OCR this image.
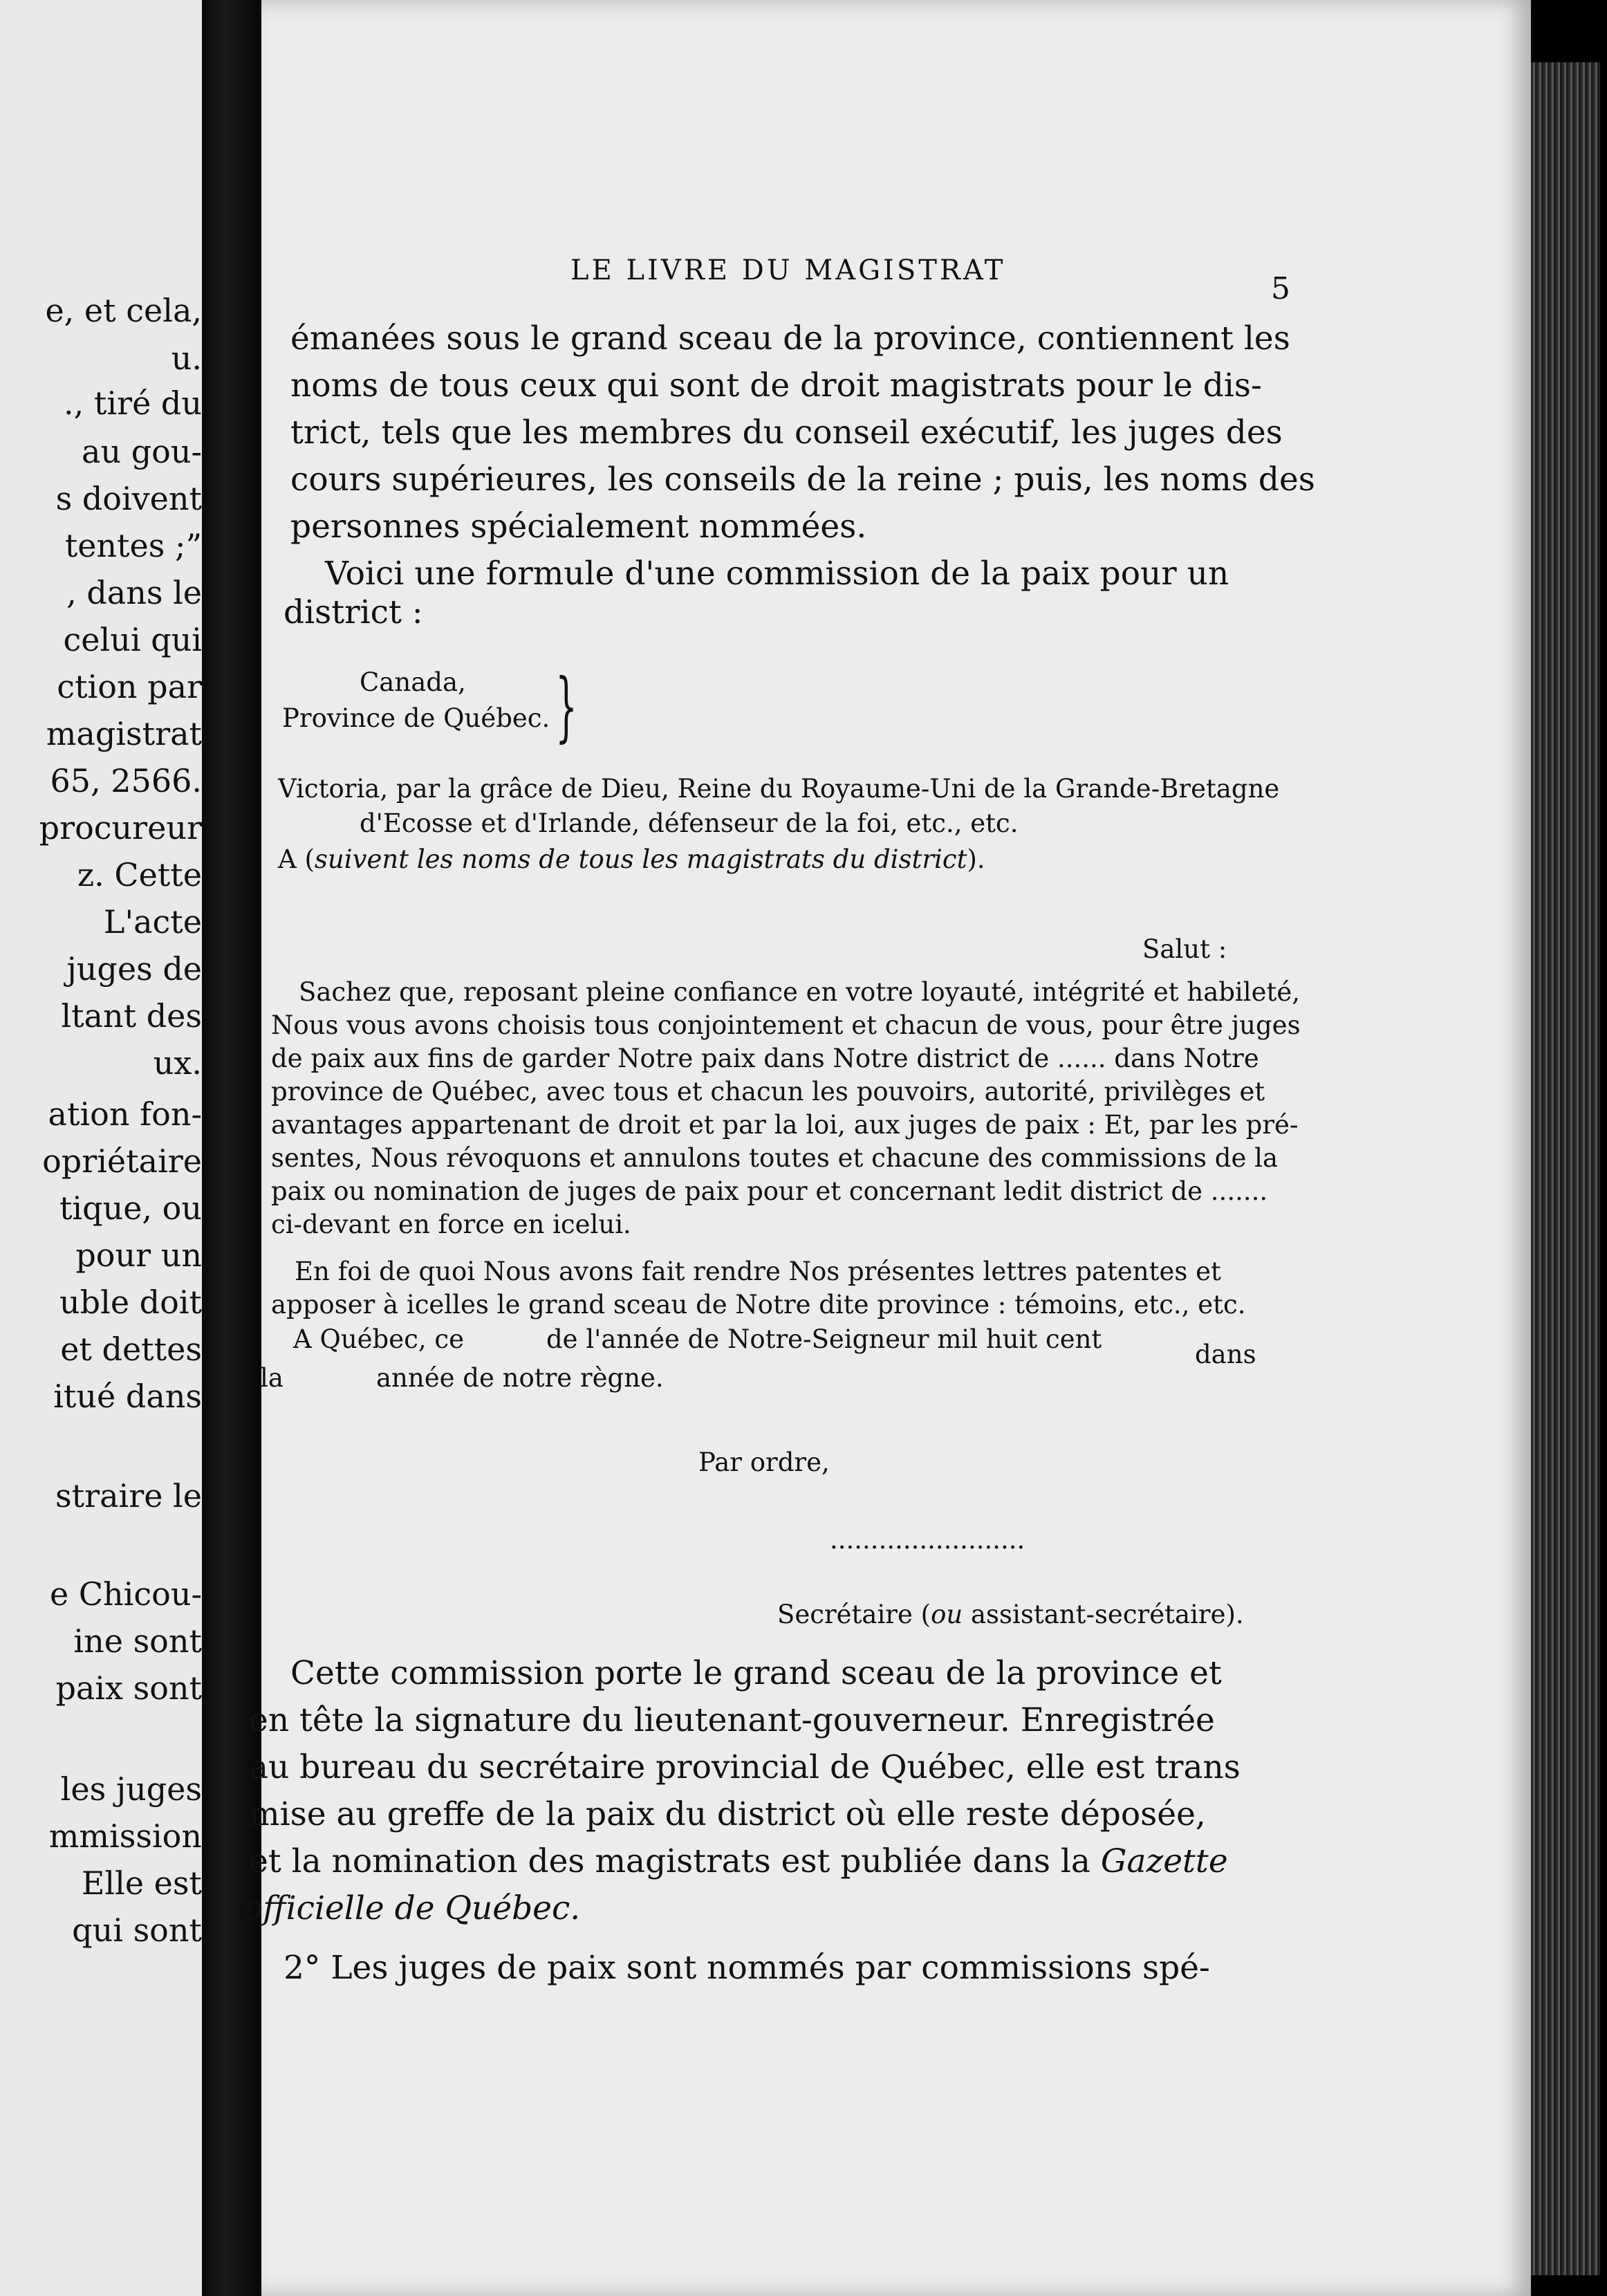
e, et cela,
u.
., tiré du
au gou-
s doivent
tentes ;”
, dans le
celui qui
ction par
magistrat
65, 2566.
procureur
z. Cette
L'acte
juges de
ltant des
ux.
ation fon-
opriétaire
tique, ou
pour un
uble doit
et dettes
itué dans
straire le
e Chicou-
ine sont
paix sont
les juges
mmission
Elle est
qui sont
LE LIVRE DU MAGISTRAT
5
émanées sous le grand sceau de la province, contiennent les
noms de tous ceux qui sont de droit magistrats pour le dis-
trict, tels que les membres du conseil exécutif, les juges des
cours supérieures, les conseils de la reine ; puis, les noms des
personnes spécialement nommées.
Voici une formule d'une commission de la paix pour un
district :
Canada,
Province de Québec. }
Victoria, par la grâce de Dieu, Reine du Royaume-Uni de la Grande-Bretagne
d'Ecosse et d'Irlande, défenseur de la foi, etc., etc.
A (suivent les noms de tous les magistrats du district).
Salut :
Sachez que, reposant pleine confiance en votre loyauté, intégrité et habileté,
Nous vous avons choisis tous conjointement et chacun de vous, pour être juges
de paix aux fins de garder Notre paix dans Notre district de ...... dans Notre
province de Québec, avec tous et chacun les pouvoirs, autorité, privilèges et
avantages appartenant de droit et par la loi, aux juges de paix : Et, par les pré-
sentes, Nous révoquons et annulons toutes et chacune des commissions de la
paix ou nomination de juges de paix pour et concernant ledit district de .......
ci-devant en force en icelui.
En foi de quoi Nous avons fait rendre Nos présentes lettres patentes et
apposer à icelles le grand sceau de Notre dite province : témoins, etc., etc.
A Québec, ce	de l'année de Notre-Seigneur mil huit cent
dans
la	année de notre règne.
Par ordre,
........................
Secrétaire (ou assistant-secrétaire).
Cette commission porte le grand sceau de la province et
en tête la signature du lieutenant-gouverneur. Enregistrée
au bureau du secrétaire provincial de Québec, elle est trans
mise au greffe de la paix du district où elle reste déposée,
et la nomination des magistrats est publiée dans la Gazette
officielle de Québec.
2° Les juges de paix sont nommés par commissions spé-
